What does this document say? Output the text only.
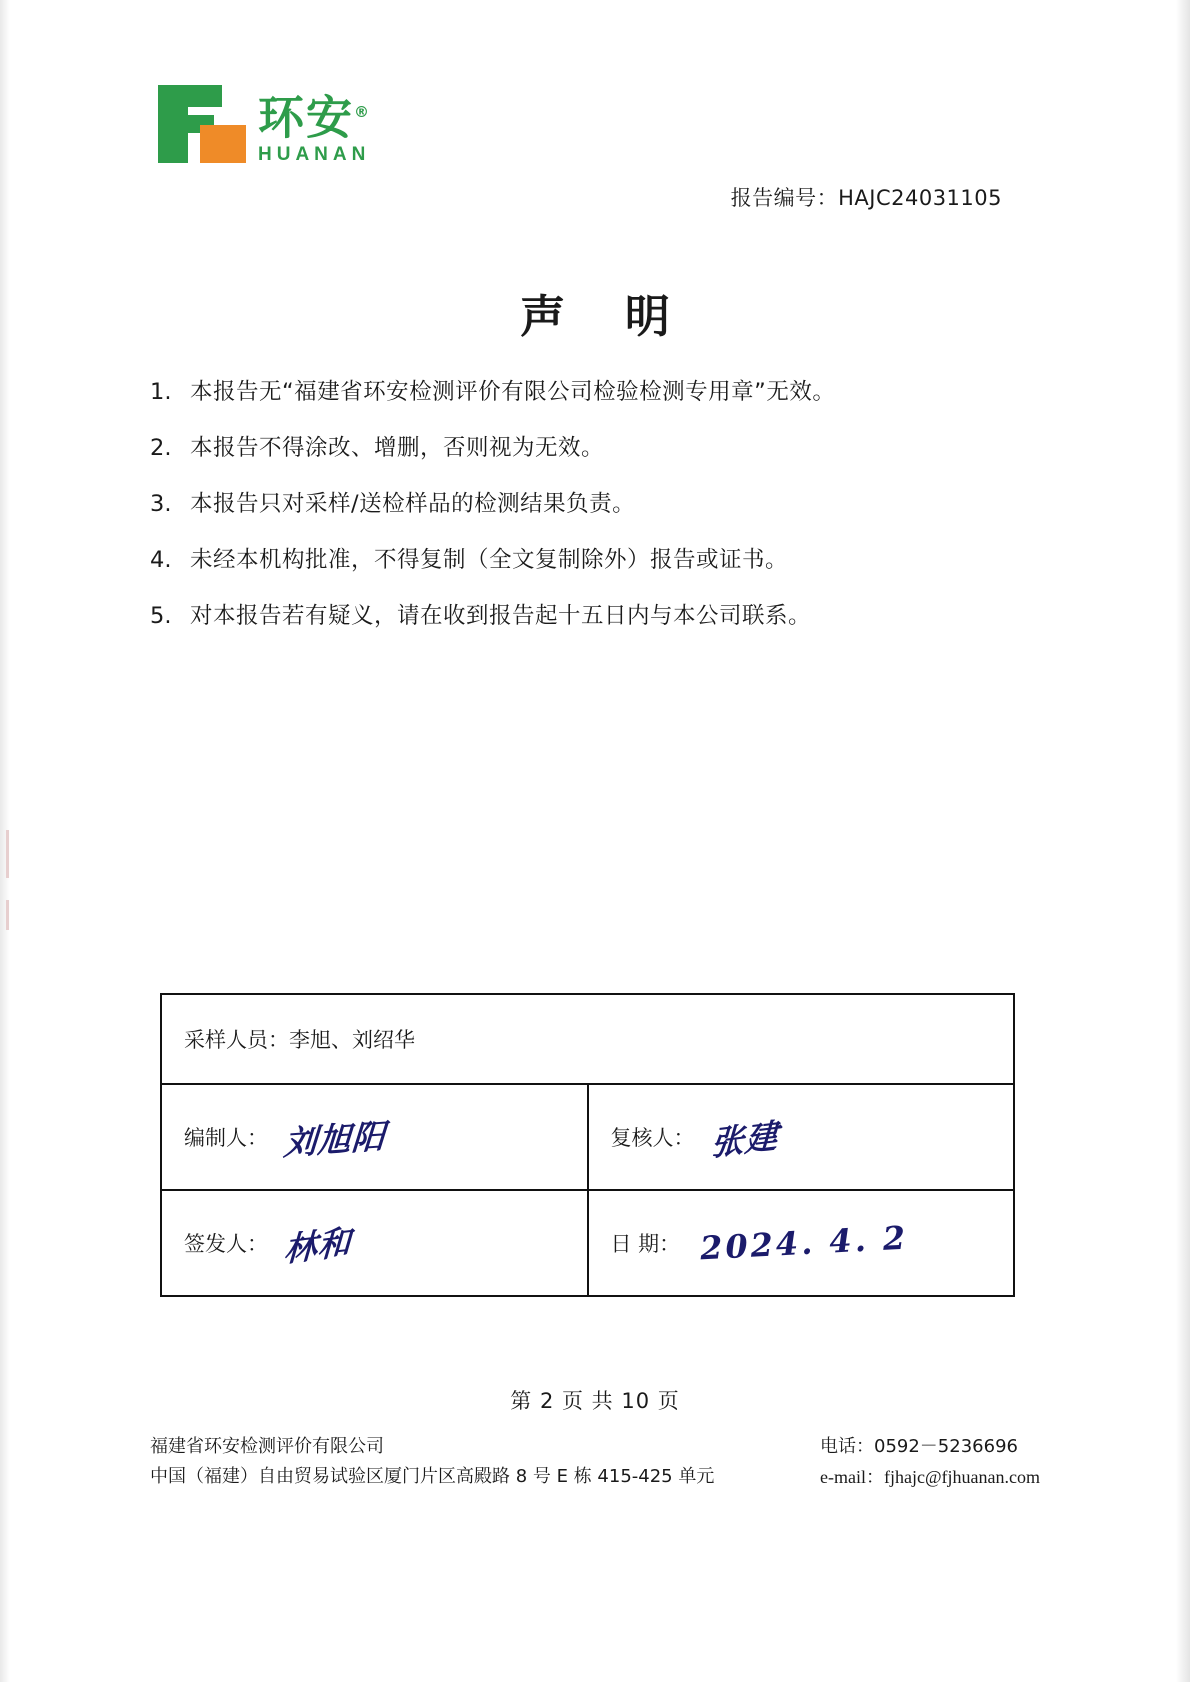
环安®
HUANAN
报告编号：HAJC24031105
声 明
1. 本报告无“福建省环安检测评价有限公司检验检测专用章”无效。
2. 本报告不得涂改、增删，否则视为无效。
3. 本报告只对采样/送检样品的检测结果负责。
4. 未经本机构批准，不得复制（全文复制除外）报告或证书。
5. 对本报告若有疑义，请在收到报告起十五日内与本公司联系。
采样人员： 李旭、刘绍华
编制人： 刘旭阳	复核人： 张建
签发人： 林和	日 期： 2024. 4. 2
第 2 页 共 10 页
福建省环安检测评价有限公司
中国（福建）自由贸易试验区厦门片区高殿路 8 号 E 栋 415-425 单元
电话：0592－5236696
e-mail：fjhajc@fjhuanan.com
